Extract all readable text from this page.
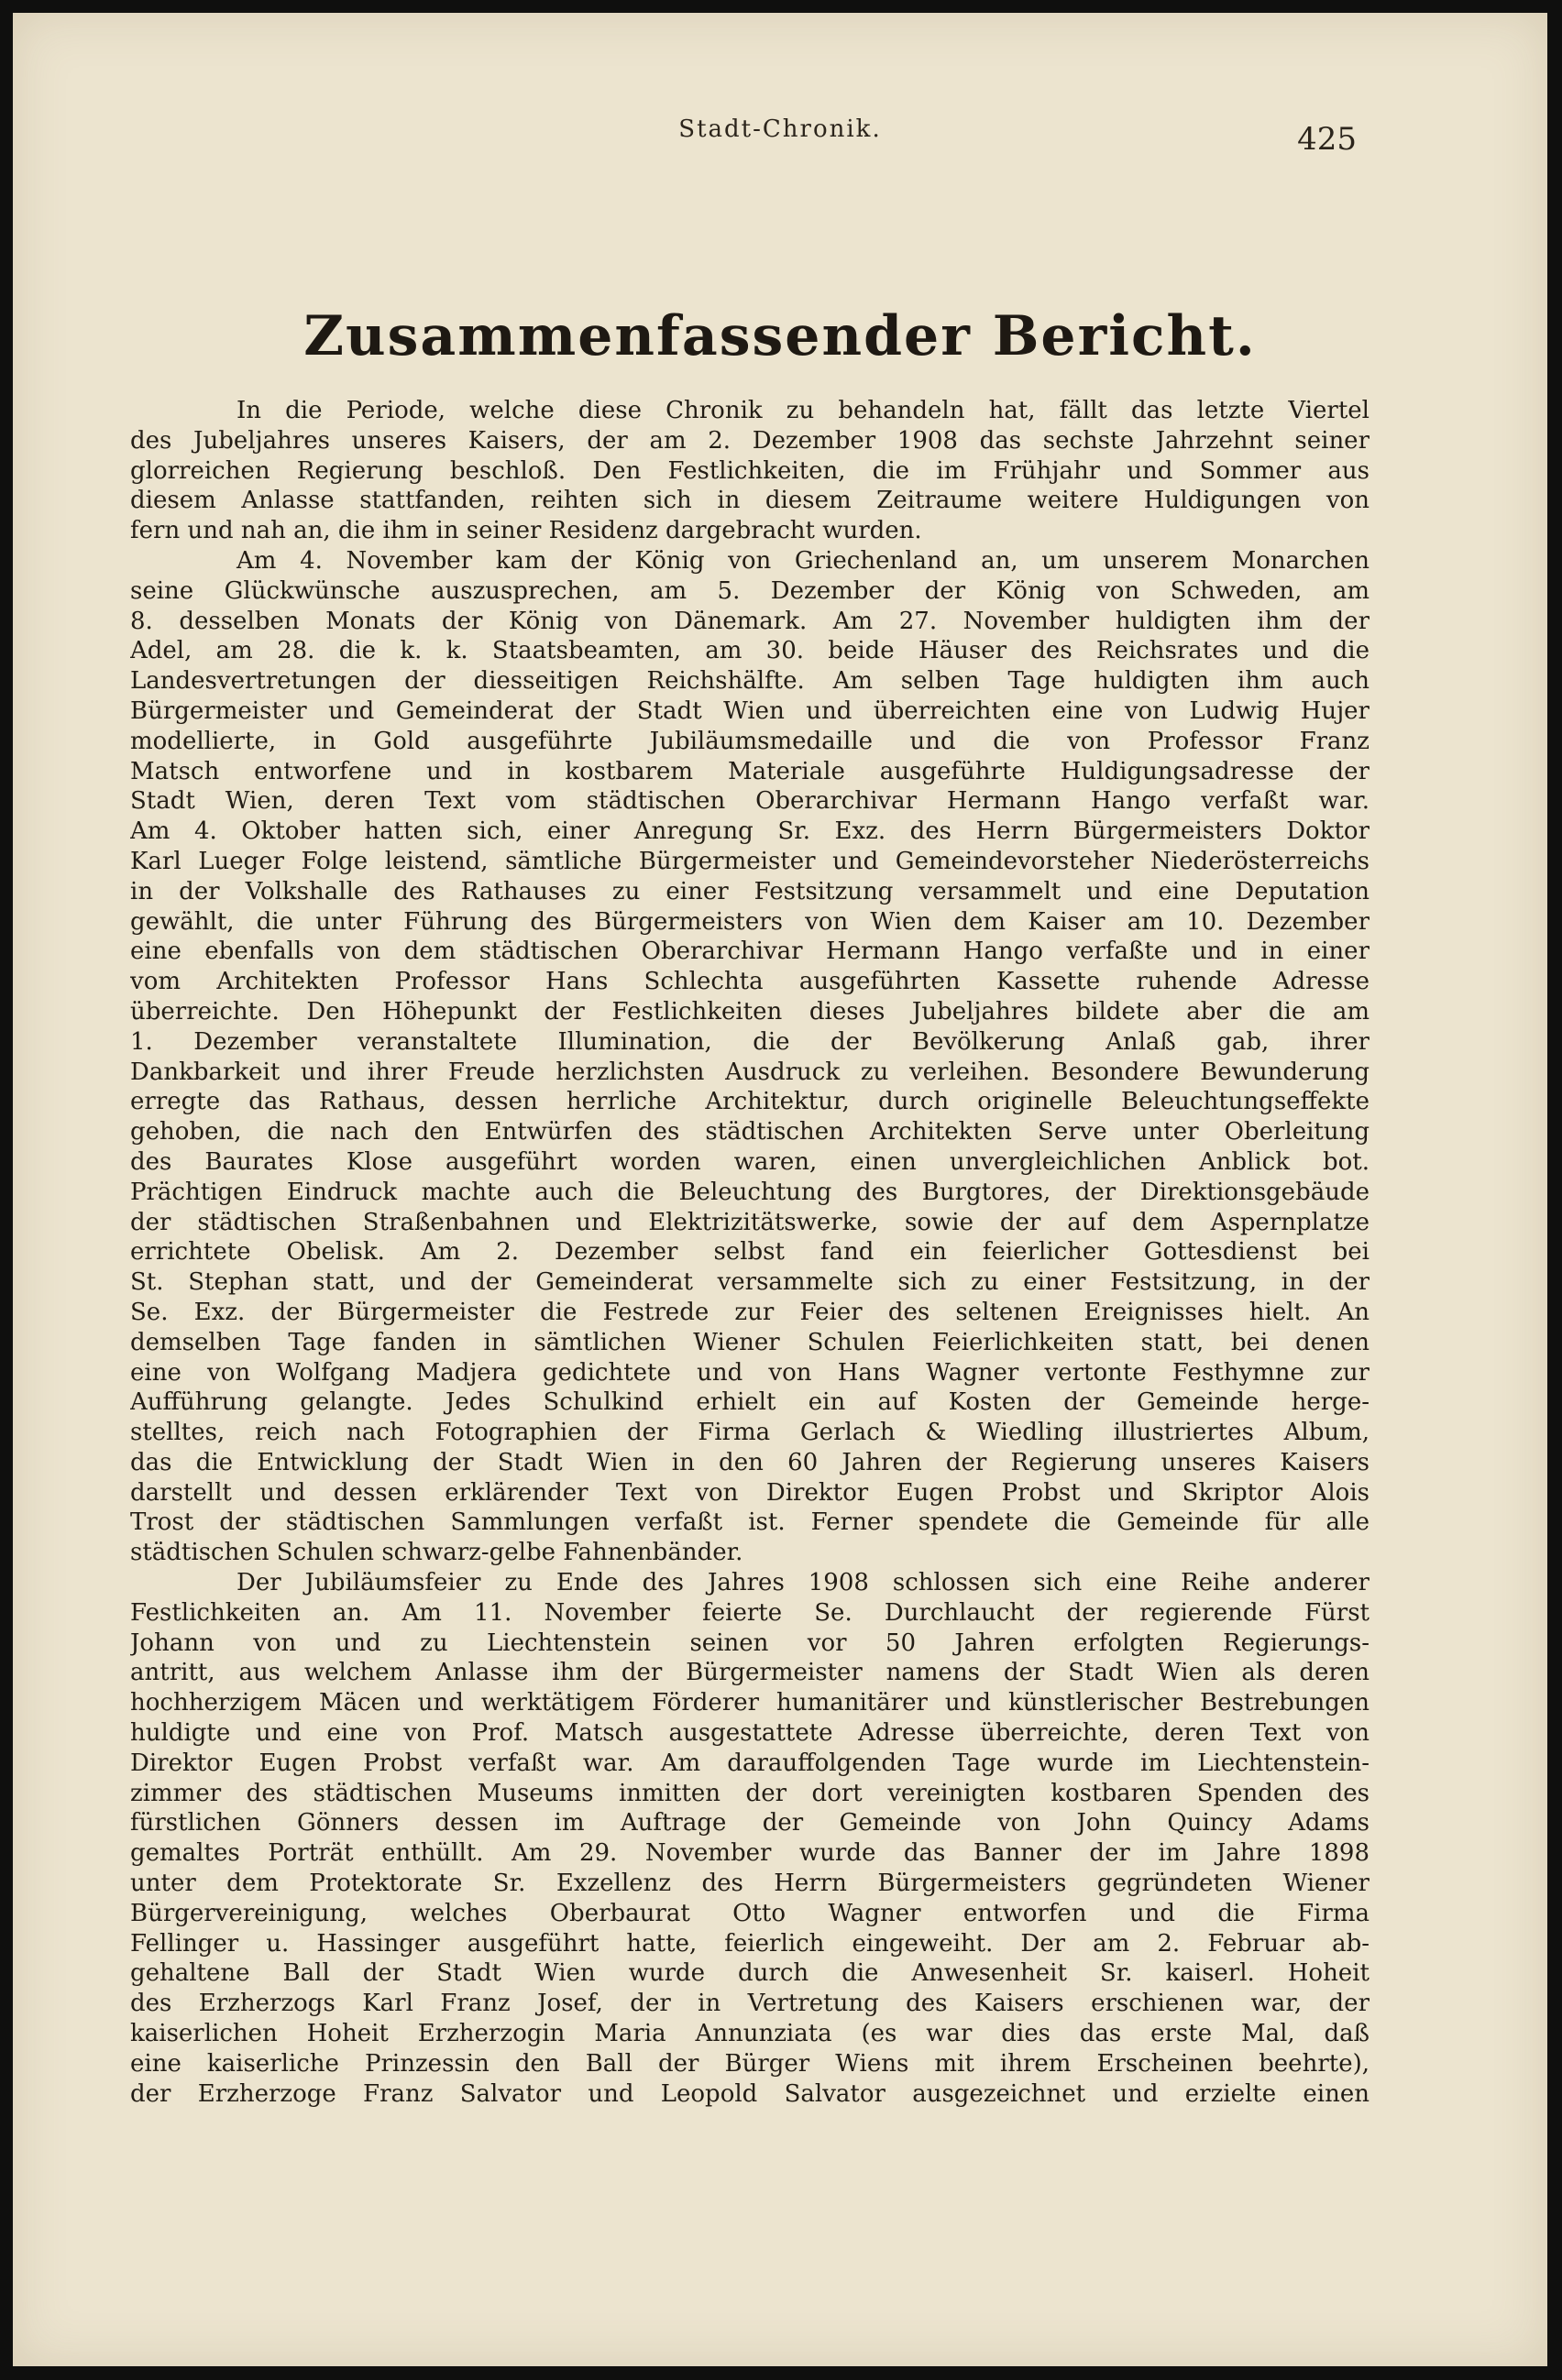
Stadt-Chronik.	425
Zusammenfassender Bericht.
In die Periode, welche diese Chronik zu behandeln hat, fällt das letzte Viertel
des Jubeljahres unseres Kaisers, der am 2. Dezember 1908 das sechste Jahrzehnt seiner
glorreichen Regierung beschloß. Den Festlichkeiten, die im Frühjahr und Sommer aus
diesem Anlasse stattfanden, reihten sich in diesem Zeitraume weitere Huldigungen von
fern und nah an, die ihm in seiner Residenz dargebracht wurden.
Am 4. November kam der König von Griechenland an, um unserem Monarchen
seine Glückwünsche auszusprechen, am 5. Dezember der König von Schweden, am
8. desselben Monats der König von Dänemark. Am 27. November huldigten ihm der
Adel, am 28. die k. k. Staatsbeamten, am 30. beide Häuser des Reichsrates und die
Landesvertretungen der diesseitigen Reichshälfte. Am selben Tage huldigten ihm auch
Bürgermeister und Gemeinderat der Stadt Wien und überreichten eine von Ludwig Hujer
modellierte, in Gold ausgeführte Jubiläumsmedaille und die von Professor Franz
Matsch entworfene und in kostbarem Materiale ausgeführte Huldigungsadresse der
Stadt Wien, deren Text vom städtischen Oberarchivar Hermann Hango verfaßt war.
Am 4. Oktober hatten sich, einer Anregung Sr. Exz. des Herrn Bürgermeisters Doktor
Karl Lueger Folge leistend, sämtliche Bürgermeister und Gemeindevorsteher Niederösterreichs
in der Volkshalle des Rathauses zu einer Festsitzung versammelt und eine Deputation
gewählt, die unter Führung des Bürgermeisters von Wien dem Kaiser am 10. Dezember
eine ebenfalls von dem städtischen Oberarchivar Hermann Hango verfaßte und in einer
vom Architekten Professor Hans Schlechta ausgeführten Kassette ruhende Adresse
überreichte. Den Höhepunkt der Festlichkeiten dieses Jubeljahres bildete aber die am
1. Dezember veranstaltete Illumination, die der Bevölkerung Anlaß gab, ihrer
Dankbarkeit und ihrer Freude herzlichsten Ausdruck zu verleihen. Besondere Bewunderung
erregte das Rathaus, dessen herrliche Architektur, durch originelle Beleuchtungseffekte
gehoben, die nach den Entwürfen des städtischen Architekten Serve unter Oberleitung
des Baurates Klose ausgeführt worden waren, einen unvergleichlichen Anblick bot.
Prächtigen Eindruck machte auch die Beleuchtung des Burgtores, der Direktionsgebäude
der städtischen Straßenbahnen und Elektrizitätswerke, sowie der auf dem Aspernplatze
errichtete Obelisk. Am 2. Dezember selbst fand ein feierlicher Gottesdienst bei
St. Stephan statt, und der Gemeinderat versammelte sich zu einer Festsitzung, in der
Se. Exz. der Bürgermeister die Festrede zur Feier des seltenen Ereignisses hielt. An
demselben Tage fanden in sämtlichen Wiener Schulen Feierlichkeiten statt, bei denen
eine von Wolfgang Madjera gedichtete und von Hans Wagner vertonte Festhymne zur
Aufführung gelangte. Jedes Schulkind erhielt ein auf Kosten der Gemeinde herge-
stelltes, reich nach Fotographien der Firma Gerlach & Wiedling illustriertes Album,
das die Entwicklung der Stadt Wien in den 60 Jahren der Regierung unseres Kaisers
darstellt und dessen erklärender Text von Direktor Eugen Probst und Skriptor Alois
Trost der städtischen Sammlungen verfaßt ist. Ferner spendete die Gemeinde für alle
städtischen Schulen schwarz-gelbe Fahnenbänder.
Der Jubiläumsfeier zu Ende des Jahres 1908 schlossen sich eine Reihe anderer
Festlichkeiten an. Am 11. November feierte Se. Durchlaucht der regierende Fürst
Johann von und zu Liechtenstein seinen vor 50 Jahren erfolgten Regierungs-
antritt, aus welchem Anlasse ihm der Bürgermeister namens der Stadt Wien als deren
hochherzigem Mäcen und werktätigem Förderer humanitärer und künstlerischer Bestrebungen
huldigte und eine von Prof. Matsch ausgestattete Adresse überreichte, deren Text von
Direktor Eugen Probst verfaßt war. Am darauffolgenden Tage wurde im Liechtenstein-
zimmer des städtischen Museums inmitten der dort vereinigten kostbaren Spenden des
fürstlichen Gönners dessen im Auftrage der Gemeinde von John Quincy Adams
gemaltes Porträt enthüllt. Am 29. November wurde das Banner der im Jahre 1898
unter dem Protektorate Sr. Exzellenz des Herrn Bürgermeisters gegründeten Wiener
Bürgervereinigung, welches Oberbaurat Otto Wagner entworfen und die Firma
Fellinger u. Hassinger ausgeführt hatte, feierlich eingeweiht. Der am 2. Februar ab-
gehaltene Ball der Stadt Wien wurde durch die Anwesenheit Sr. kaiserl. Hoheit
des Erzherzogs Karl Franz Josef, der in Vertretung des Kaisers erschienen war, der
kaiserlichen Hoheit Erzherzogin Maria Annunziata (es war dies das erste Mal, daß
eine kaiserliche Prinzessin den Ball der Bürger Wiens mit ihrem Erscheinen beehrte),
der Erzherzoge Franz Salvator und Leopold Salvator ausgezeichnet und erzielte einen
